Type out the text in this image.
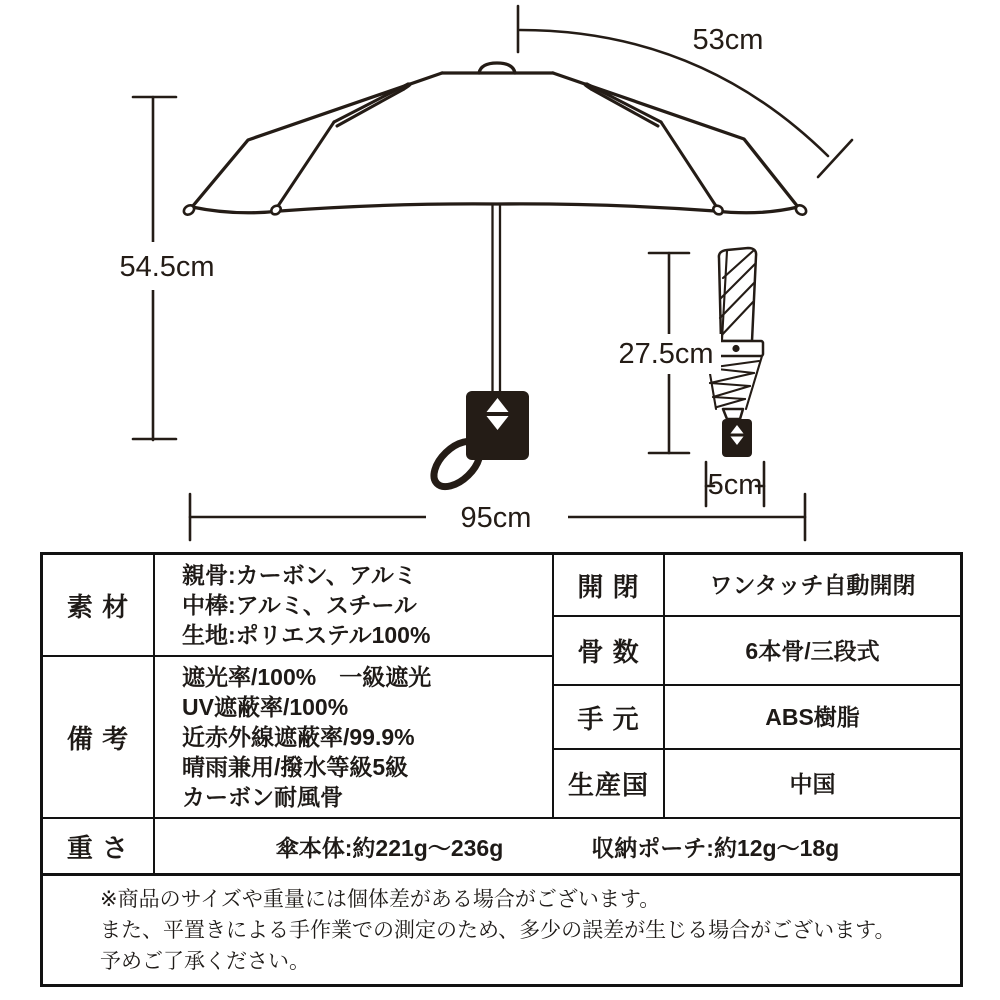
53cm
54.5cm
27.5cm
5cm
95cm
素 材
親骨:カーボン、アルミ
中棒:アルミ、スチール
生地:ポリエステル100%
備 考
遮光率/100%　一級遮光
UV遮蔽率/100%
近赤外線遮蔽率/99.9%
晴雨兼用/撥水等級5級
カーボン耐風骨
開 閉	ワンタッチ自動開閉
骨 数	6本骨/三段式
手 元	ABS樹脂
生産国	中国
重 さ	傘本体:約221g～236g	収納ポーチ:約12g～18g
※商品のサイズや重量には個体差がある場合がございます。
また、平置きによる手作業での測定のため、多少の誤差が生じる場合がございます。
予めご了承ください。
